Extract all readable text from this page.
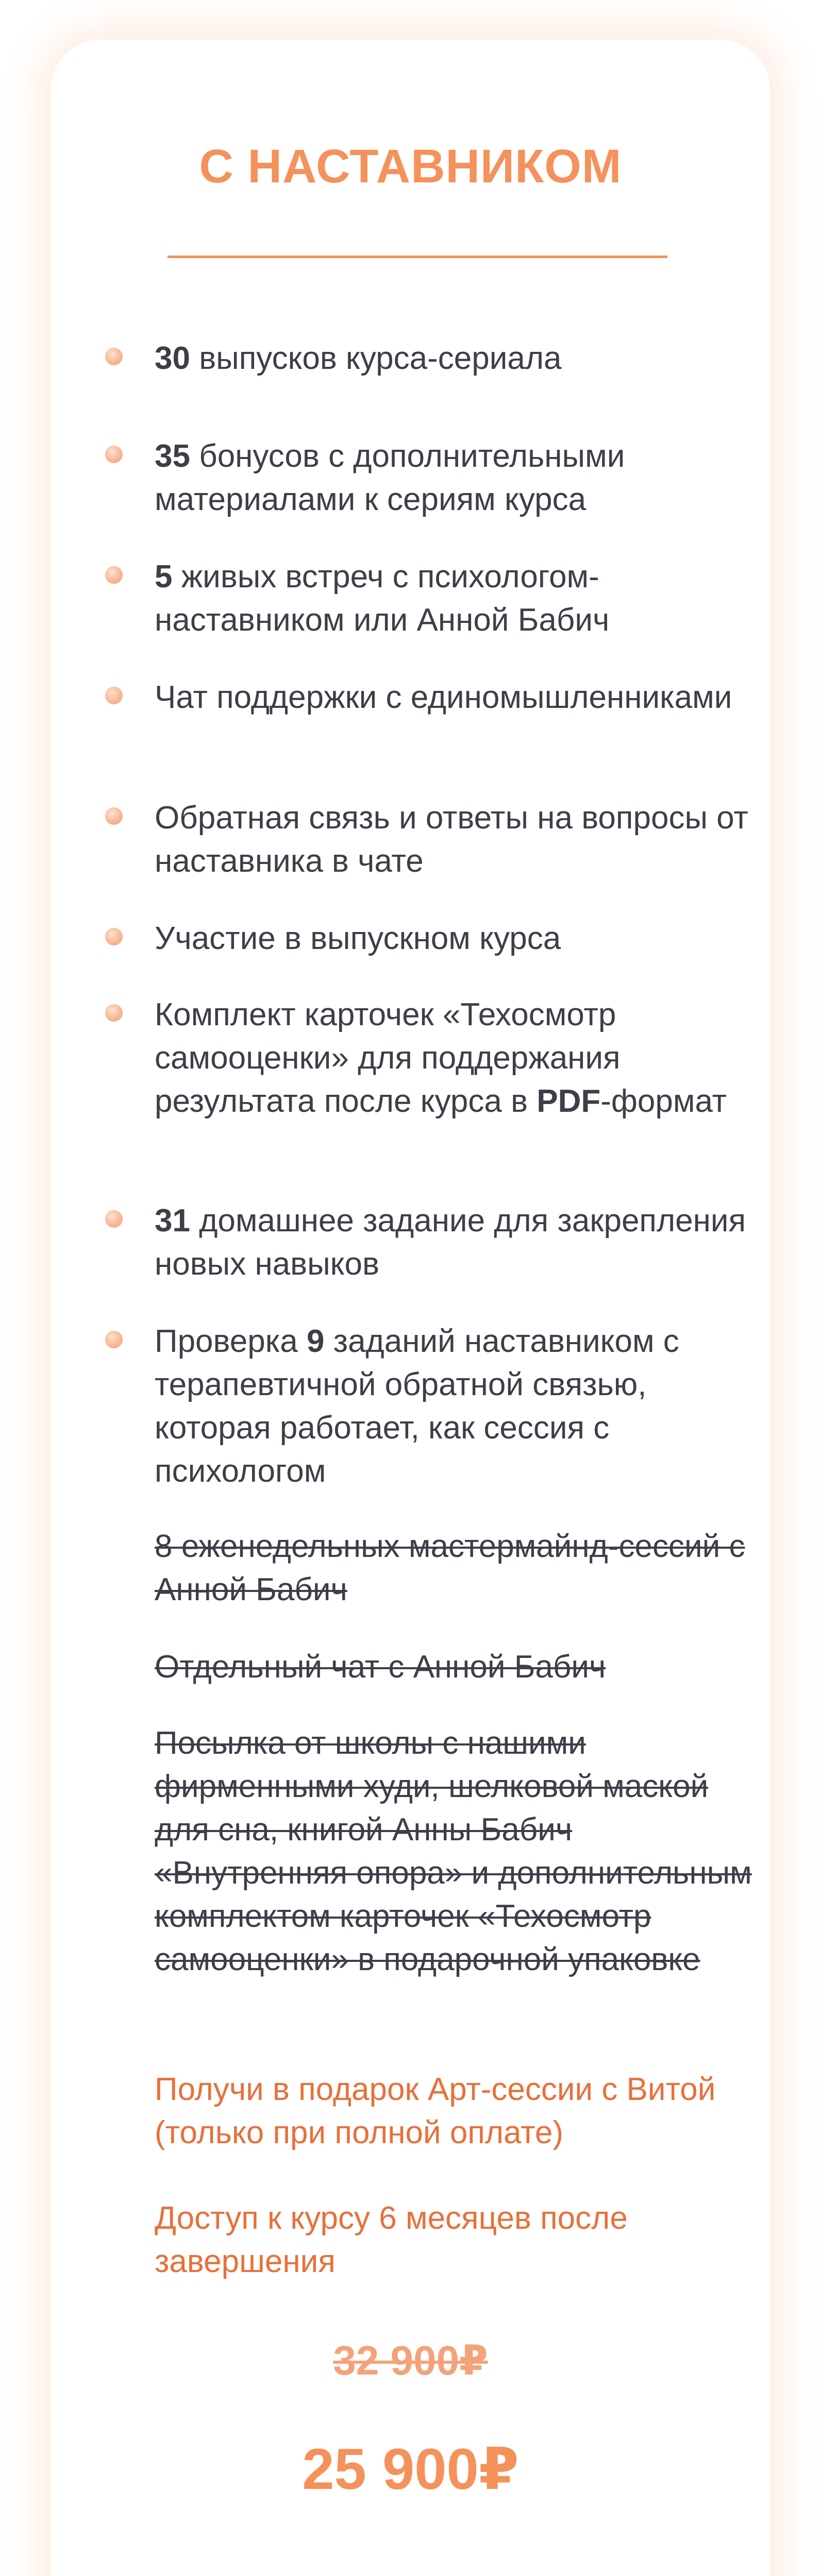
С НАСТАВНИКОМ
30 выпусков курса-сериала
35 бонусов с дополнительными материалами к сериям курса
5 живых встреч с психологом-наставником или Анной Бабич
Чат поддержки с единомышленниками
Обратная связь и ответы на вопросы от наставника в чате
Участие в выпускном курса
Комплект карточек «Техосмотр самооценки» для поддержания результата после курса в PDF-формат
31 домашнее задание для закрепления новых навыков
Проверка 9 заданий наставником с терапевтичной обратной связью, которая работает, как сессия с психологом
8 еженедельных мастермайнд-сессий с Анной Бабич
Отдельный чат с Анной Бабич
Посылка от школы с нашими фирменными худи, шелковой маской для сна, книгой Анны Бабич «Внутренняя опора» и дополнительным комплектом карточек «Техосмотр самооценки» в подарочной упаковке
Получи в подарок Арт-сессии с Витой (только при полной оплате)
Доступ к курсу 6 месяцев после завершения
32 900₽
25 900₽
